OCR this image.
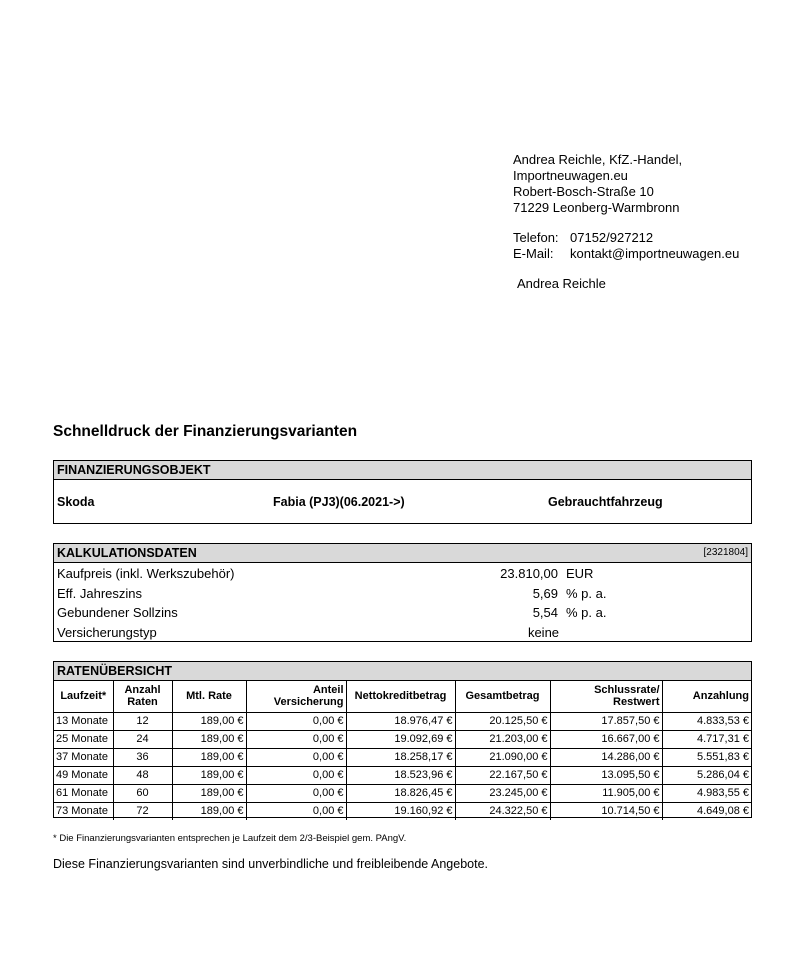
Andrea Reichle, KfZ.-Handel,
Importneuwagen.eu
Robert-Bosch-Straße 10
71229 Leonberg-Warmbronn
Telefon: 07152/927212
E-Mail: kontakt@importneuwagen.eu
Andrea Reichle
Schnelldruck der Finanzierungsvarianten
FINANZIERUNGSOBJEKT
Skoda	Fabia (PJ3)(06.2021->)	Gebrauchtfahrzeug
KALKULATIONSDATEN	[2321804]
Kaufpreis (inkl. Werkszubehör)	23.810,00 EUR
Eff. Jahreszins	5,69 % p. a.
Gebundener Sollzins	5,54 % p. a.
Versicherungstyp	keine
RATENÜBERSICHT
Laufzeit*	Anzahl Raten	Mtl. Rate	Anteil Versicherung	Nettokreditbetrag	Gesamtbetrag	Schlussrate/ Restwert	Anzahlung
13 Monate	12	189,00 €	0,00 €	18.976,47 €	20.125,50 €	17.857,50 €	4.833,53 €
25 Monate	24	189,00 €	0,00 €	19.092,69 €	21.203,00 €	16.667,00 €	4.717,31 €
37 Monate	36	189,00 €	0,00 €	18.258,17 €	21.090,00 €	14.286,00 €	5.551,83 €
49 Monate	48	189,00 €	0,00 €	18.523,96 €	22.167,50 €	13.095,50 €	5.286,04 €
61 Monate	60	189,00 €	0,00 €	18.826,45 €	23.245,00 €	11.905,00 €	4.983,55 €
73 Monate	72	189,00 €	0,00 €	19.160,92 €	24.322,50 €	10.714,50 €	4.649,08 €
* Die Finanzierungsvarianten entsprechen je Laufzeit dem 2/3-Beispiel gem. PAngV.
Diese Finanzierungsvarianten sind unverbindliche und freibleibende Angebote.
